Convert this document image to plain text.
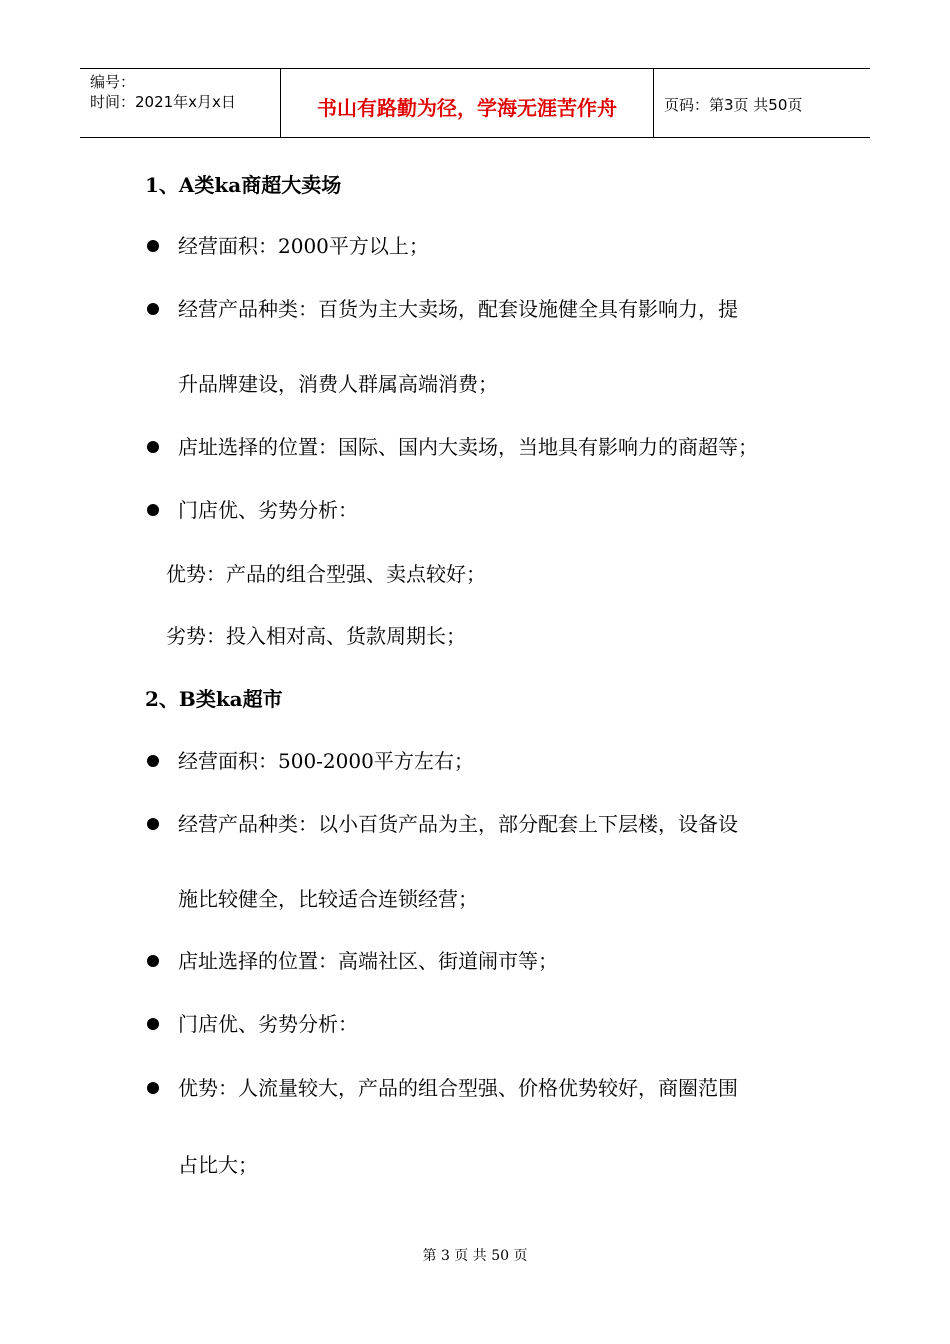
编号：
时间：2021年x月x日	书山有路勤为径，学海无涯苦作舟	页码：第3页 共50页
1、A类ka商超大卖场
经营面积：2000平方以上；
经营产品种类：百货为主大卖场，配套设施健全具有影响力，提
升品牌建设，消费人群属高端消费；
店址选择的位置：国际、国内大卖场，当地具有影响力的商超等；
门店优、劣势分析：
优势：产品的组合型强、卖点较好；
劣势：投入相对高、货款周期长；
2、B类ka超市
经营面积：500-2000平方左右；
经营产品种类：以小百货产品为主，部分配套上下层楼，设备设
施比较健全，比较适合连锁经营；
店址选择的位置：高端社区、街道闹市等；
门店优、劣势分析：
优势：人流量较大，产品的组合型强、价格优势较好，商圈范围
占比大；
第 3 页 共 50 页
